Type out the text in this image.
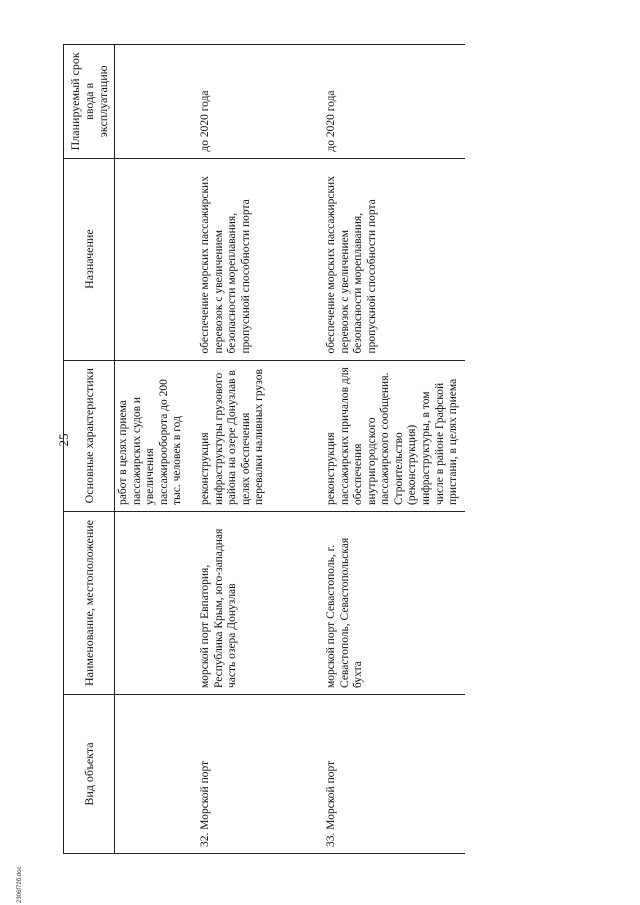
25
Вид объекта	Наименование, местоположение	Основные характеристики	Назначение	Планируемый срок ввода в эксплуатацию
		работ в целях приема пассажирских судов и увеличения пассажирооборота до 200 тыс. человек в год		
32. Морской порт	морской порт Евпатория, Республика Крым, юго-западная часть озера Донузлав	реконструкция инфраструктуры грузового района на озере Донузлав в целях обеспечения перевалки наливных грузов	обеспечение морских пассажирских перевозок с увеличением безопасности мореплавания, пропускной способности порта	до 2020 года
33. Морской порт	морской порт Севастополь, г. Севастополь, Севастопольская бухта	реконструкция пассажирских причалов для обеспечения внутригородского пассажирского сообщения. Строительство (реконструкция) инфраструктуры, в том числе в районе Графской пристани, в целях приема	обеспечение морских пассажирских перевозок с увеличением безопасности мореплавания, пропускной способности порта	до 2020 года
2306f72б.doc
